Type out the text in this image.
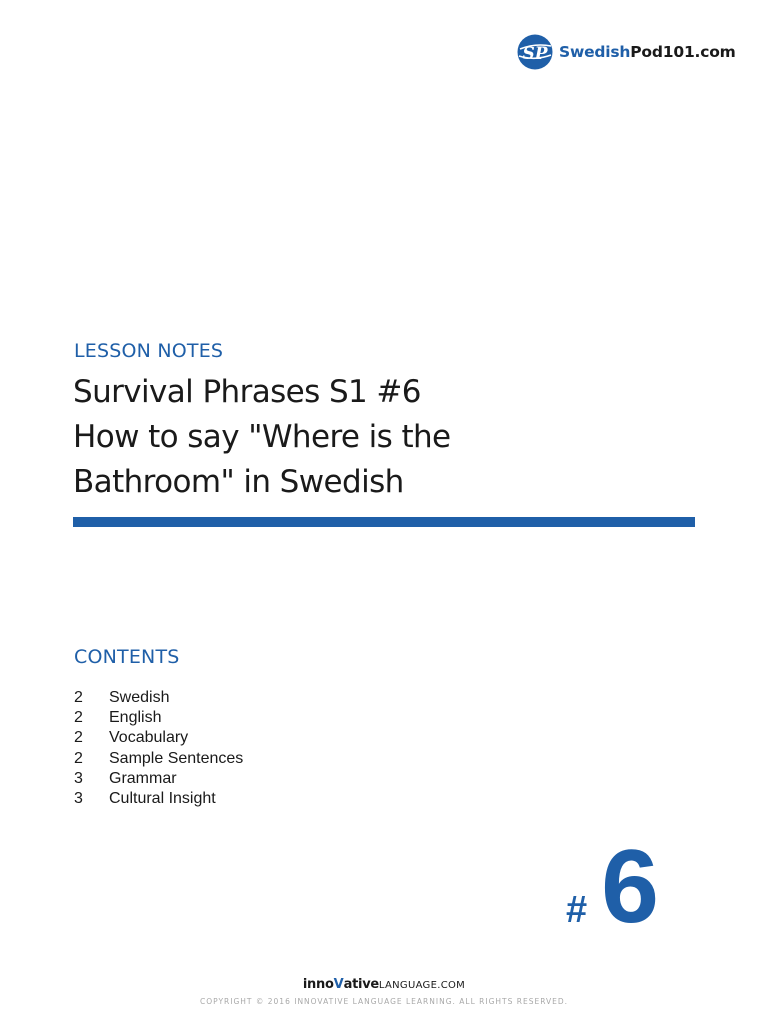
SP SwedishPod101.com
LESSON NOTES
Survival Phrases S1 #6
How to say "Where is the
Bathroom" in Swedish
CONTENTS
2	Swedish
2	English
2	Vocabulary
2	Sample Sentences
3	Grammar
3	Cultural Insight
# 6
innoVativeLANGUAGE.COM
COPYRIGHT © 2016 INNOVATIVE LANGUAGE LEARNING. ALL RIGHTS RESERVED.
